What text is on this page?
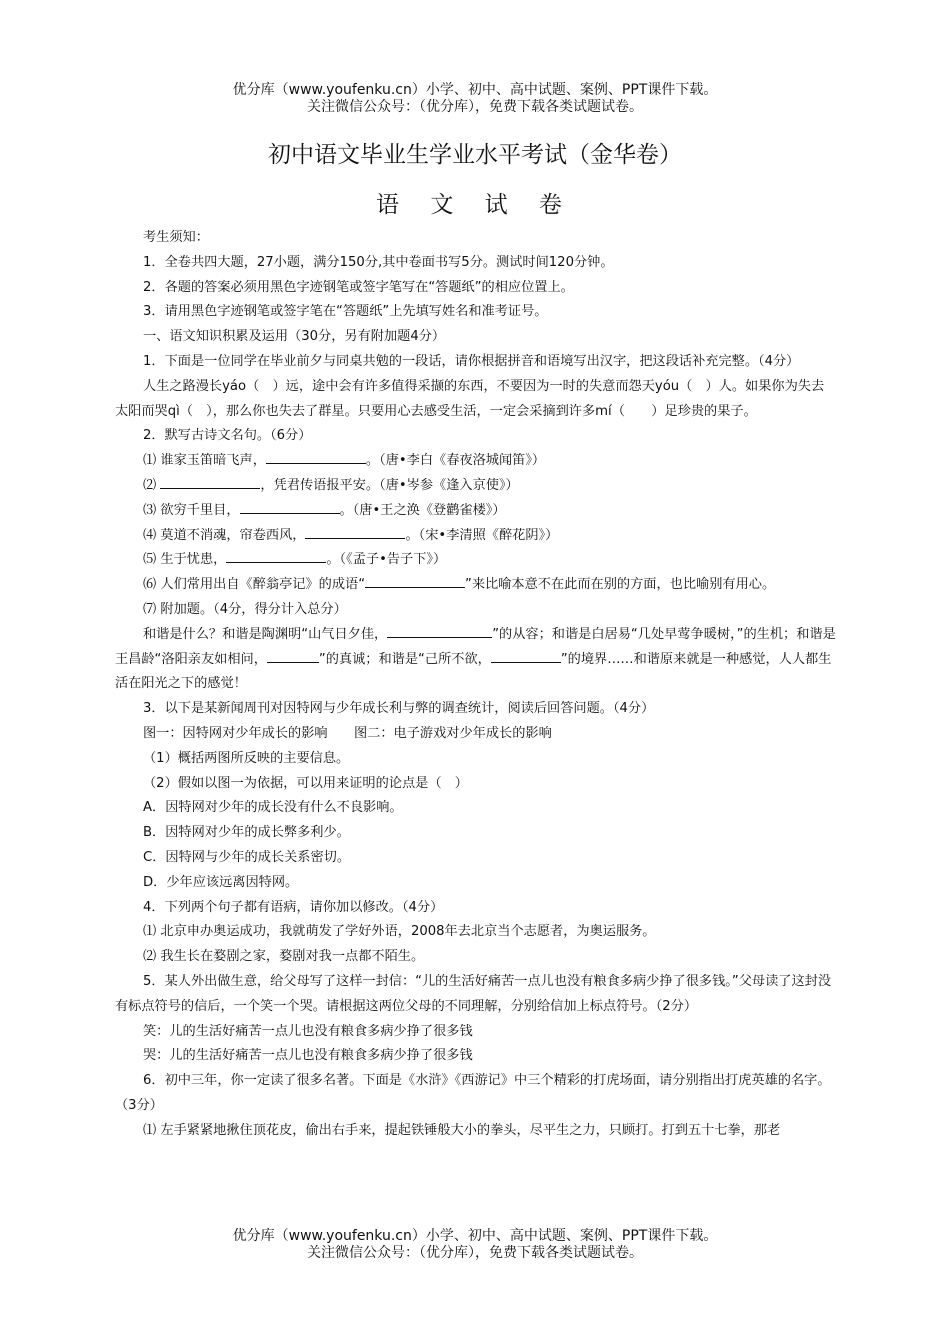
优分库（www.youfenku.cn）小学、初中、高中试题、案例、PPT课件下载。
关注微信公众号：（优分库），免费下载各类试题试卷。
初中语文毕业生学业水平考试（金华卷）
语 文 试 卷

考生须知：

1．全卷共四大题，27小题，满分150分,其中卷面书写5分。测试时间120分钟。

2．各题的答案必须用黑色字迹钢笔或签字笔写在“答题纸”的相应位置上。

3．请用黑色字迹钢笔或签字笔在“答题纸”上先填写姓名和准考证号。

一、语文知识积累及运用（30分，另有附加题4分）

1．下面是一位同学在毕业前夕与同桌共勉的一段话，请你根据拼音和语境写出汉字，把这段话补充完整。（4分）

人生之路漫长yáo（　）远，途中会有许多值得采撷的东西，不要因为一时的失意而怨天yóu（　）人。如果你为失去太阳而哭qì（　），那么你也失去了群星。只要用心去感受生活，一定会采摘到许多mí（　　）足珍贵的果子。

2．默写古诗文名句。（6分）

⑴ 谁家玉笛暗飞声，	。（唐•李白《春夜洛城闻笛》）

⑵	，凭君传语报平安。（唐•岑参《逢入京使》）

⑶ 欲穷千里目，	。（唐•王之涣《登鹳雀楼》）

⑷ 莫道不消魂，帘卷西风，	。（宋•李清照《醉花阴》）

⑸ 生于忧患，	。（《孟子•告子下》）

⑹ 人们常用出自《醉翁亭记》的成语“	”来比喻本意不在此而在别的方面，也比喻别有用心。

⑺ 附加题。（4分，得分计入总分）

和谐是什么？和谐是陶渊明“山气日夕佳，	”的从容；和谐是白居易“几处早莺争暖树，”的生机；和谐是王昌龄“洛阳亲友如相问，	”的真诚；和谐是“己所不欲，	”的境界……和谐原来就是一种感觉，人人都生活在阳光之下的感觉！

3．以下是某新闻周刊对因特网与少年成长利与弊的调查统计，阅读后回答问题。（4分）

图一：因特网对少年成长的影响　　图二：电子游戏对少年成长的影响

（1）概括两图所反映的主要信息。

（2）假如以图一为依据，可以用来证明的论点是（　）

A．因特网对少年的成长没有什么不良影响。

B．因特网对少年的成长弊多利少。

C．因特网与少年的成长关系密切。

D．少年应该远离因特网。

4．下列两个句子都有语病，请你加以修改。（4分）

⑴ 北京申办奥运成功，我就萌发了学好外语，2008年去北京当个志愿者，为奥运服务。

⑵ 我生长在婺剧之家，婺剧对我一点都不陌生。

5．某人外出做生意，给父母写了这样一封信：“儿的生活好痛苦一点儿也没有粮食多病少挣了很多钱。”父母读了这封没有标点符号的信后，一个笑一个哭。请根据这两位父母的不同理解，分别给信加上标点符号。（2分）

笑：儿的生活好痛苦一点儿也没有粮食多病少挣了很多钱

哭：儿的生活好痛苦一点儿也没有粮食多病少挣了很多钱

6．初中三年，你一定读了很多名著。下面是《水浒》《西游记》中三个精彩的打虎场面，请分别指出打虎英雄的名字。（3分）

⑴ 左手紧紧地揪住顶花皮，偷出右手来，提起铁锤般大小的拳头，尽平生之力，只顾打。打到五十七拳，那老

优分库（www.youfenku.cn）小学、初中、高中试题、案例、PPT课件下载。
关注微信公众号：（优分库），免费下载各类试题试卷。
